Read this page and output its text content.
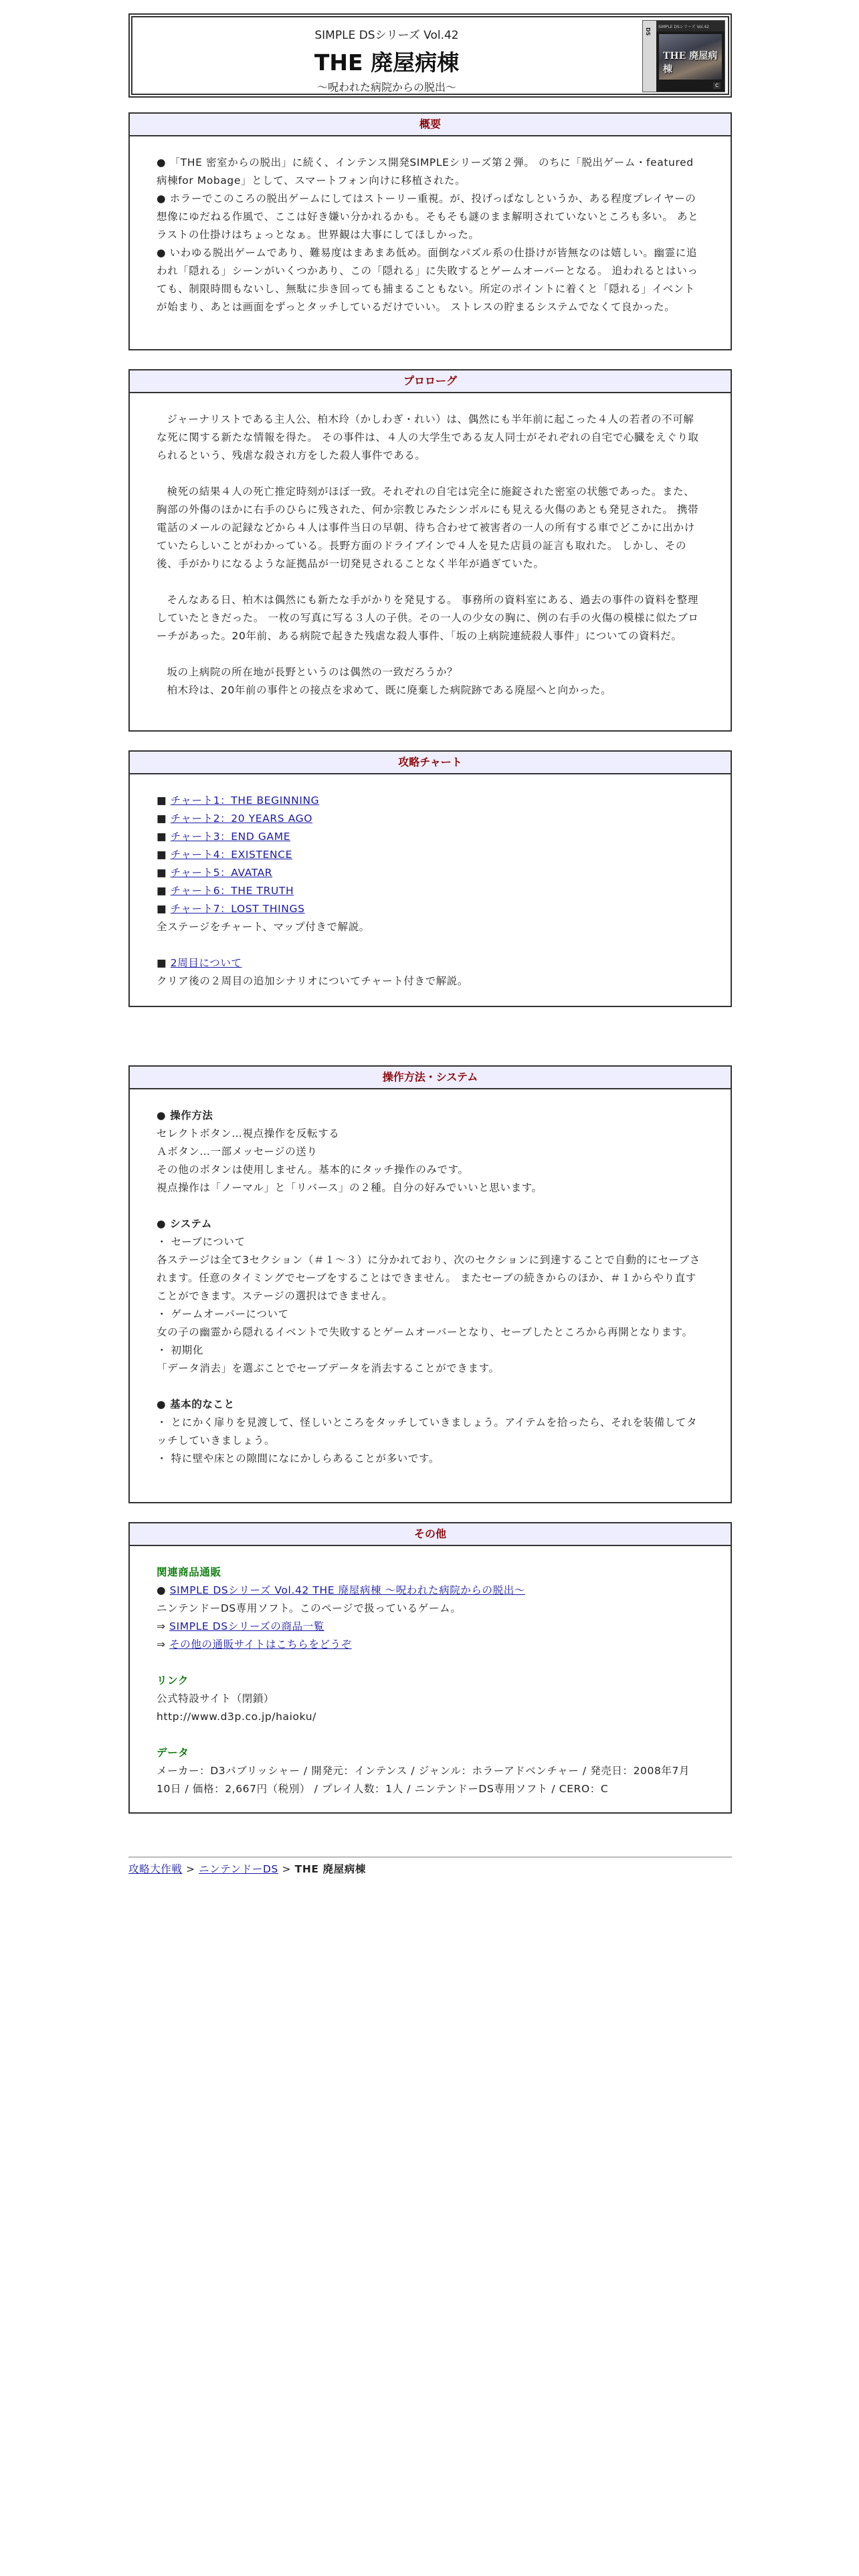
SIMPLE DSシリーズ Vol.42
THE 廃屋病棟
〜呪われた病院からの脱出〜
DS
SIMPLE DSシリーズ Vol.42
THE 廃屋病棟
C
概要

● 「THE 密室からの脱出」に続く、インテンス開発SIMPLEシリーズ第２弾。 のちに「脱出ゲーム・featured病棟for Mobage」として、スマートフォン向けに移植された。

● ホラーでこのころの脱出ゲームにしてはストーリー重視。が、投げっぱなしというか、ある程度プレイヤーの想像にゆだねる作風で、ここは好き嫌い分かれるかも。そもそも謎のまま解明されていないところも多い。 あとラストの仕掛けはちょっとなぁ。世界観は大事にしてほしかった。

● いわゆる脱出ゲームであり、難易度はまあまあ低め。面倒なパズル系の仕掛けが皆無なのは嬉しい。幽霊に追われ「隠れる」シーンがいくつかあり、この「隠れる」に失敗するとゲームオーバーとなる。 追われるとはいっても、制限時間もないし、無駄に歩き回っても捕まることもない。所定のポイントに着くと「隠れる」イベントが始まり、あとは画面をずっとタッチしているだけでいい。 ストレスの貯まるシステムでなくて良かった。

プロローグ

ジャーナリストである主人公、柏木玲（かしわぎ・れい）は、偶然にも半年前に起こった４人の若者の不可解な死に関する新たな情報を得た。 その事件は、４人の大学生である友人同士がそれぞれの自宅で心臓をえぐり取られるという、残虐な殺され方をした殺人事件である。

検死の結果４人の死亡推定時刻がほぼ一致。それぞれの自宅は完全に施錠された密室の状態であった。また、胸部の外傷のほかに右手のひらに残された、何か宗教じみたシンボルにも見える火傷のあとも発見された。 携帯電話のメールの記録などから４人は事件当日の早朝、待ち合わせて被害者の一人の所有する車でどこかに出かけていたらしいことがわかっている。長野方面のドライブインで４人を見た店員の証言も取れた。 しかし、その後、手がかりになるような証拠品が一切発見されることなく半年が過ぎていた。

そんなある日、柏木は偶然にも新たな手がかりを発見する。 事務所の資料室にある、過去の事件の資料を整理していたときだった。 一枚の写真に写る３人の子供。その一人の少女の胸に、例の右手の火傷の模様に似たブローチがあった。20年前、ある病院で起きた残虐な殺人事件、「坂の上病院連続殺人事件」についての資料だ。

坂の上病院の所在地が長野というのは偶然の一致だろうか？

柏木玲は、20年前の事件との接点を求めて、既に廃棄した病院跡である廃屋へと向かった。

攻略チャート

■ チャート1：THE BEGINNING

■ チャート2：20 YEARS AGO

■ チャート3：END GAME

■ チャート4：EXISTENCE

■ チャート5：AVATAR

■ チャート6：THE TRUTH

■ チャート7：LOST THINGS

全ステージをチャート、マップ付きで解説。

■ 2周目について

クリア後の２周目の追加シナリオについてチャート付きで解説。

操作方法・システム

● 操作方法

セレクトボタン…視点操作を反転する

Ａボタン…一部メッセージの送り

その他のボタンは使用しません。基本的にタッチ操作のみです。

視点操作は「ノーマル」と「リバース」の２種。自分の好みでいいと思います。

● システム

・ セーブについて

各ステージは全て3セクション（＃１〜３）に分かれており、次のセクションに到達することで自動的にセーブされます。任意のタイミングでセーブをすることはできません。 またセーブの続きからのほか、＃１からやり直すことができます。ステージの選択はできません。

・ ゲームオーバーについて

女の子の幽霊から隠れるイベントで失敗するとゲームオーバーとなり、セーブしたところから再開となります。

・ 初期化

「データ消去」を選ぶことでセーブデータを消去することができます。

● 基本的なこと

・ とにかく扉りを見渡して、怪しいところをタッチしていきましょう。アイテムを拾ったら、それを装備してタッチしていきましょう。

・ 特に壁や床との隙間になにかしらあることが多いです。

その他

関連商品通販

● SIMPLE DSシリーズ Vol.42 THE 廃屋病棟 〜呪われた病院からの脱出〜

ニンテンドーDS専用ソフト。このページで扱っているゲーム。

⇒ SIMPLE DSシリーズの商品一覧

⇒ その他の通販サイトはこちらをどうぞ

リンク

公式特設サイト（閉鎖）

http://www.d3p.co.jp/haioku/

データ

メーカー：D3パブリッシャー / 開発元：インテンス / ジャンル：ホラーアドベンチャー / 発売日：2008年7月10日 / 価格：2,667円（税別） / プレイ人数：1人 / ニンテンドーDS専用ソフト / CERO：C

攻略大作戦 > ニンテンドーDS > THE 廃屋病棟
